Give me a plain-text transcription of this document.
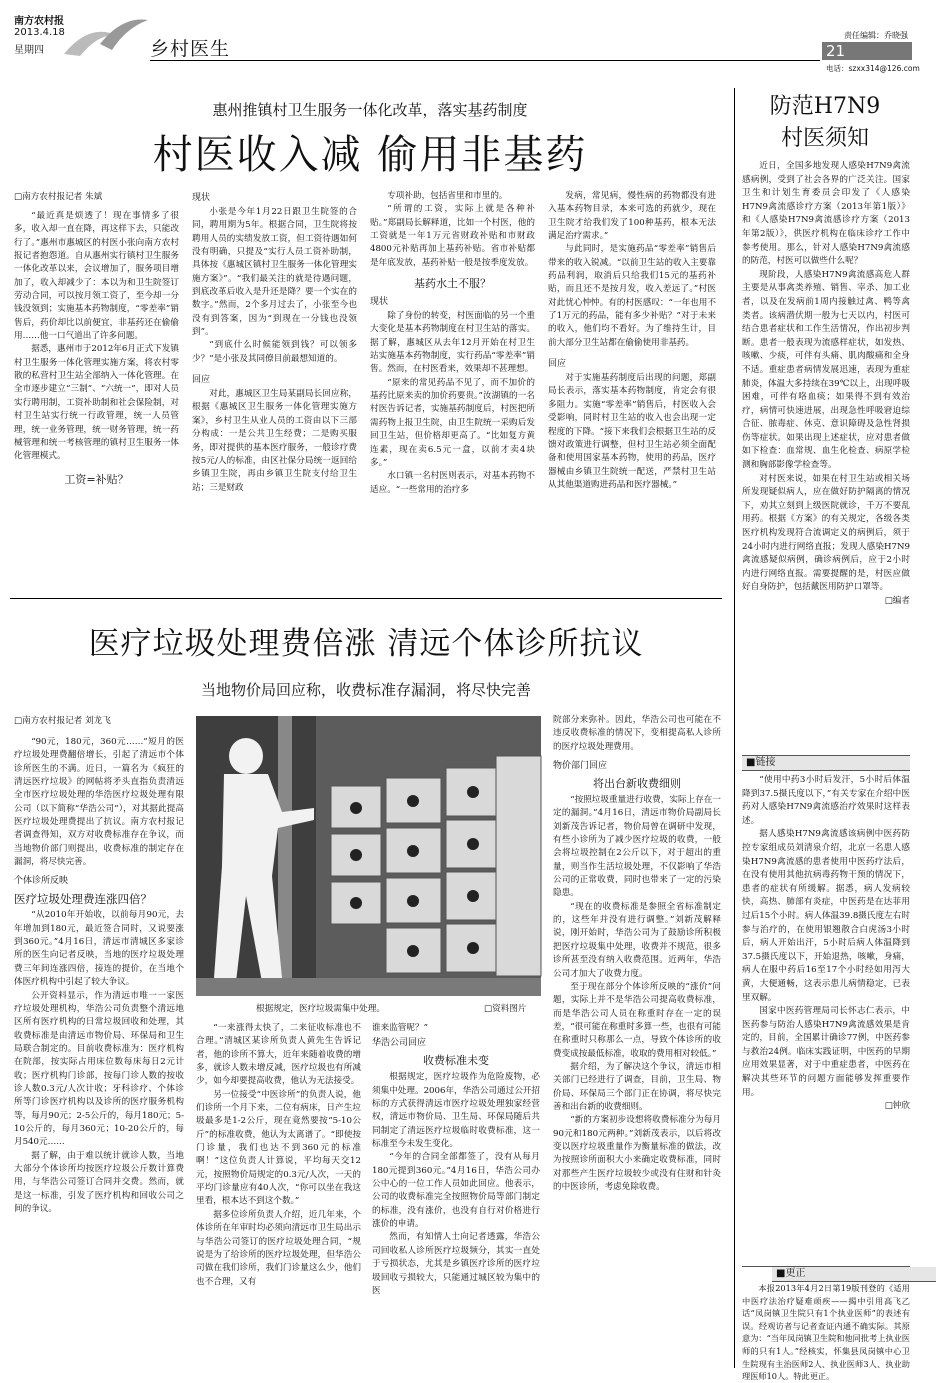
南方农村报
2013.4.18
星期四	乡村医生
责任编辑：乔晓强
21
电话：szxx314@126.com
惠州推镇村卫生服务一体化改革，落实基药制度
村医收入减 偷用非基药
□南方农村报记者 朱斌

“最近真是烦透了！现在事情多了很多，收入却一直在降，再这样下去，只能改行了。”惠州市惠城区的村医小张向南方农村报记者抱怨道。自从惠州实行镇村卫生服务一体化改革以来，会议增加了，服务项目增加了，收入却减少了：本以为和卫生院签订劳动合同，可以按月领工资了，至今却一分钱没领到；实施基本药物制度，“零差率”销售后，药价却比以前便宜，非基药还在偷偷用……他一口气道出了许多问题。

据悉，惠州市于2012年6月正式下发镇村卫生服务一体化管理实施方案，将农村零散的私营村卫生站全部纳入一体化管理。在全市逐步建立“三制”、“六统一”，即对人员实行聘用制，工资补助制和社会保险制，对村卫生站实行统一行政管理，统一人员管理，统一业务管理，统一财务管理，统一药械管理和统一考核管理的镇村卫生服务一体化管理模式。

工资=补贴？
现状

小张是今年1月22日跟卫生院签的合同，聘用期为5年。根据合同，卫生院将按聘用人员的实绩发放工资，但工资待遇如何没有明确，只提及“实行人员工资补助制，具体按《惠城区镇村卫生服务一体化管理实施方案》”。“我们最关注的就是待遇问题，到底改革后收入是升还是降？要一个实在的数字。”然而，2个多月过去了，小张至今也没有到答案，因为“到现在一分钱也没领到”。

“到底什么时候能领到钱？可以领多少？”是小张及其同僚目前最想知道的。

回应

对此，惠城区卫生局某副局长回应称，根据《惠城区卫生服务一体化管理实施方案》，乡村卫生从业人员的工资由以下三部分构成：一是公共卫生经费；二是购买服务，即对提供的基本医疗服务，一般诊疗费按5元/人的标准，由区社保分局统一返回给乡镇卫生院，再由乡镇卫生院支付给卫生站；三是财政

专项补助，包括省里和市里的。

“所谓的工资，实际上就是各种补贴。”郑副局长解释道，比如一个村医，他的工资就是一年1万元省财政补贴和市财政4800元补贴再加上基药补贴。省市补贴都是年底发放，基药补贴一般是按季度发放。

基药水土不服？
现状

除了身份的转变，村医面临的另一个重大变化是基本药物制度在村卫生站的落实。据了解，惠城区从去年12月开始在村卫生站实施基本药物制度，实行药品“零差率”销售。然而，在村医看来，效果却不甚理想。

“原来的常见药品不见了，而不加价的基药比原来卖的加价药要贵。”汝湖镇的一名村医告诉记者，实施基药制度后，村医把所需药物上报卫生院，由卫生院统一采购后发回卫生站，但价格却更高了。“比如复方黄连素，现在卖6.5元一盒，以前才卖4块多。”

水口镇一名村医则表示，对基本药物不适应。“一些常用的治疗多

发病，常见病，慢性病的药物都没有进入基本药物目录，本来可选的药就少，现在卫生院才给我们发了100种基药，根本无法满足治疗需求。”

与此同时，是实施药品“零差率”销售后带来的收入锐减。“以前卫生站的收入主要靠药品利润，取消后只给我们15元的基药补贴，而且还不是按月发，收入差远了。”村医对此忧心忡忡。有的村医感叹：“一年也用不了1万元的药品，能有多少补贴？”对于未来的收入，他们均不看好。为了维持生计，目前大部分卫生站都在偷偷使用非基药。

回应

对于实施基药制度后出现的问题，郑副局长表示，落实基本药物制度，肯定会有很多阻力。实施“零差率”销售后，村医收入会受影响，同时村卫生站的收入也会出现一定程度的下降。“接下来我们会根据卫生站的反馈对政策进行调整，但村卫生站必须全面配备和使用国家基本药物，使用的药品，医疗器械由乡镇卫生院统一配送，严禁村卫生站从其他渠道购进药品和医疗器械。”

医疗垃圾处理费倍涨 清远个体诊所抗议
当地物价局回应称，收费标准存漏洞，将尽快完善
□南方农村报记者 刘龙飞

“90元，180元，360元……”短月的医疗垃圾处理费翻倍增长，引起了清远市个体诊所医生的不满。近日，一篇名为《疯狂的清远医疗垃圾》的网帖将矛头直指负责清远全市医疗垃圾处理的华浩医疗垃圾处理有限公司（以下简称“华浩公司”），对其据此提高医疗垃圾处理费提出了抗议。南方农村报记者调查得知，双方对收费标准存在争议，而当地物价部门则提出，收费标准的制定存在漏洞，将尽快完善。

个体诊所反映
医疗垃圾处理费连涨四倍？

“从2010年开始收，以前每月90元，去年增加到180元，最近签合同时，又说要涨到360元。”4月16日，清远市清城区多家诊所的医生向记者反映，当地的医疗垃圾处理费三年间连涨四倍，接连的提价，在当地个体医疗机构中引起了较大争议。

公开资料显示，作为清远市唯一一家医疗垃圾处理机构，华浩公司负责整个清远地区所有医疗机构的日常垃圾回收和处理，其收费标准是由清远市物价局、环保局和卫生局联合制定的。目前收费标准为：医疗机构在院部，按实际占用床位数每床每日2元计收；医疗机构门诊部，按每门诊人数的按收诊人数0.3元/人次计收；牙科诊疗、个体诊所等门诊医疗机构以及诊所的医疗服务机构等，每月90元；2-5公斤的，每月180元；5-10公斤的，每月360元；10-20公斤的，每月540元……

据了解，由于难以统计就诊人数，当地大部分个体诊所均按医疗垃圾公斤数计算费用，与华浩公司签订合同并交费。然而，就是这一标准，引发了医疗机构和回收公司之间的争议。

根据规定，医疗垃圾需集中处理。	□资料图片

“一来涨得太快了，二来征收标准也不合理。”清城区某诊所负责人黄先生告诉记者，他的诊所不算大，近年来随着收费的增多，就诊人数未增反减，医疗垃圾也有所减少，如今却要提高收费，他认为无法接受。

另一位接受“中医诊所”的负责人说，他们诊所一个月下来，二位有病床，日产生垃圾最多是1-2公斤，现在竟然要按“5-10公斤”的标准收费，他认为太离谱了。“即使按门诊量，我们也达不到360元的标准啊！”这位负责人计算说，平均每天交12元，按照物价局规定的0.3元/人次，一天的平均门诊量应有40人次，“你可以坐在我这里看，根本达不到这个数。”

据多位诊所负责人介绍，近几年来，个体诊所在年审时均必须向清远市卫生局出示与华浩公司签订的医疗垃圾处理合同，“规说是为了给诊所的医疗垃圾处理，但华浩公司做在我们诊所，我们门诊量这么少，他们也不合理，又有

谁来监管呢？”

华浩公司回应
收费标准未变

根据规定，医疗垃圾作为危险废物，必须集中处理。2006年，华浩公司通过公开招标的方式获得清远市医疗垃圾处理独家经营权，清远市物价局、卫生局、环保局随后共同制定了清远医疗垃圾临时收费标准，这一标准至今未发生变化。

“今年的合同全部都签了，没有从每月180元提到360元。”4月16日，华浩公司办公中心的一位工作人员如此回应。他表示，公司的收费标准完全按照物价局等部门制定的标准，没有涨价，也没有自行对价格进行涨价的申请。

然而，有知情人士向记者透露，华浩公司回收私人诊所医疗垃圾频分，其实一直处于亏损状态，尤其是乡镇医疗诊所的医疗垃圾回收亏损较大，只能通过城区较为集中的医

院部分来弥补。因此，华浩公司也可能在不违反收费标准的情况下，变相提高私人诊所的医疗垃圾处理费用。

物价部门回应
将出台新收费细则

“按照垃圾重量进行收费，实际上存在一定的漏洞。”4月16日，清远市物价局副局长刘新茂告诉记者，物价局曾在调研中发现，有些小诊所为了减少医疗垃圾的收费，一般会将垃圾控制在2公斤以下，对于超出的重量，则当作生活垃圾处理，不仅影响了华浩公司的正常收费，同时也带来了一定的污染隐患。

“现在的收费标准是参照全省标准制定的，这些年并没有进行调整。”刘新茂解释说，刚开始时，华浩公司为了鼓励诊所积极把医疗垃圾集中处理，收费并不规范，很多诊所甚至没有纳入收费范围。近两年，华浩公司才加大了收费力度。

至于现在部分个体诊所反映的“涨价”问题，实际上并不是华浩公司提高收费标准，而是华浩公司人员在称重时存在一定的误差，“很可能在称重时多算一些，也很有可能在称重时只称那么一点，导致个体诊所的收费变成按最低标准，收取的费用相对较低。”

据介绍，为了解决这个争议，清远市相关部门已经进行了调查，目前，卫生局、物价局、环保局三个部门正在协调，将尽快完善和出台新的收费细则。

“新的方案初步设想将收费标准分为每月90元和180元两种。”刘新茂表示，以后将改变以医疗垃圾重量作为衡量标准的做法，改为按照诊所面积大小来确定收费标准，同时对那些产生医疗垃圾较少或没有住财和针灸的中医诊所，考虑免除收费。

防范H7N9
村医须知

近日，全国多地发现人感染H7N9禽流感病例，受到了社会各界的广泛关注。国家卫生和计划生育委员会印发了《人感染H7N9禽流感诊疗方案（2013年第1版）》和《人感染H7N9禽流感诊疗方案（2013年第2版）》，供医疗机构在临床诊疗工作中参考使用。那么，针对人感染H7N9禽流感的防范，村医可以做些什么呢？

现阶段，人感染H7N9禽流感高危人群主要是从事禽类养殖、销售、宰杀、加工业者，以及在发病前1周内接触过禽、鸭等禽类者。该病潜伏期一般为七天以内，村医可结合患者症状和工作生活情况，作出初步判断。患者一般表现为流感样症状，如发热、咳嗽、少痰，可伴有头痛、肌肉酸痛和全身不适。重症患者病情发展迅速，表现为重症肺炎，体温大多持续在39℃以上，出现呼吸困难，可伴有咯血痰；如果得不到有效治疗，病情可快速进展，出现急性呼吸窘迫综合征、脓毒症、休克、意识障碍及急性肾损伤等症状。如果出现上述症状，应对患者做如下检查：血常规、血生化检查、病原学检测和胸部影像学检查等。

对村医来说，如果在村卫生站或相关场所发现疑似病人，应在做好防护隔离的情况下，劝其立刻到上级医院就诊，千万不要乱用药。根据《方案》的有关规定，各级各类医疗机构发现符合流调定义的病例后，须于24小时内进行网络直报；发现人感染H7N9禽流感疑似病例，确诊病例后，应于2小时内进行网络直报。需要提醒的是，村医应做好自身防护，包括戴医用防护口罩等。

□编者
■链接

“使用中药3小时后发汗，5小时后体温降到37.5摄氏度以下，”有关专家在介绍中医药对人感染H7N9禽流感治疗效果时这样表述。

据人感染H7N9禽流感该病例中医药防控专家组成员刘清泉介绍，北京一名患人感染H7N9禽流感的患者使用中医药疗法后，在没有使用其他抗病毒药物干预的情况下，患者的症状有所缓解。据悉，病人发病较快，高热、肺部有炎症，中医药是在达菲用过后15个小时。病人体温39.8摄氏度左右时参与治疗的，在使用银翘散合白虎汤3小时后，病人开始出汗，5小时后病人体温降到37.5摄氏度以下，开始退热，咳嗽，身痛，病人在服中药后16至17个小时经如用泻大黄，大便通畅，这表示患儿病情稳定，已表里双解。

国家中医药管理局司长怀志仁表示，中医药参与防治人感染H7N9禽流感效果是肯定的，目前，全国累计确诊77例，中医药参与救治24例。临床实践证明，中医药的早期应用效果显著，对于中重症患者，中医药在解决其些环节的问题方面能够发挥重要作用。

□钟欣
■更正

本报2013年4月2日第19版刊登的《适用中医疗法治疗疑难顽疾——揭中引用高飞乙话“凤岗镇卫生院只有1个执业医师”的表述有误。经观访者与记者查证内通不确实际。其原意为：“当年凤岗镇卫生院和他同批考上执业医师的只有1人。”经核实，怀集县凤岗镇中心卫生院现有主治医师2人、执业医师3人、执业助理医师10人。特此更正。
